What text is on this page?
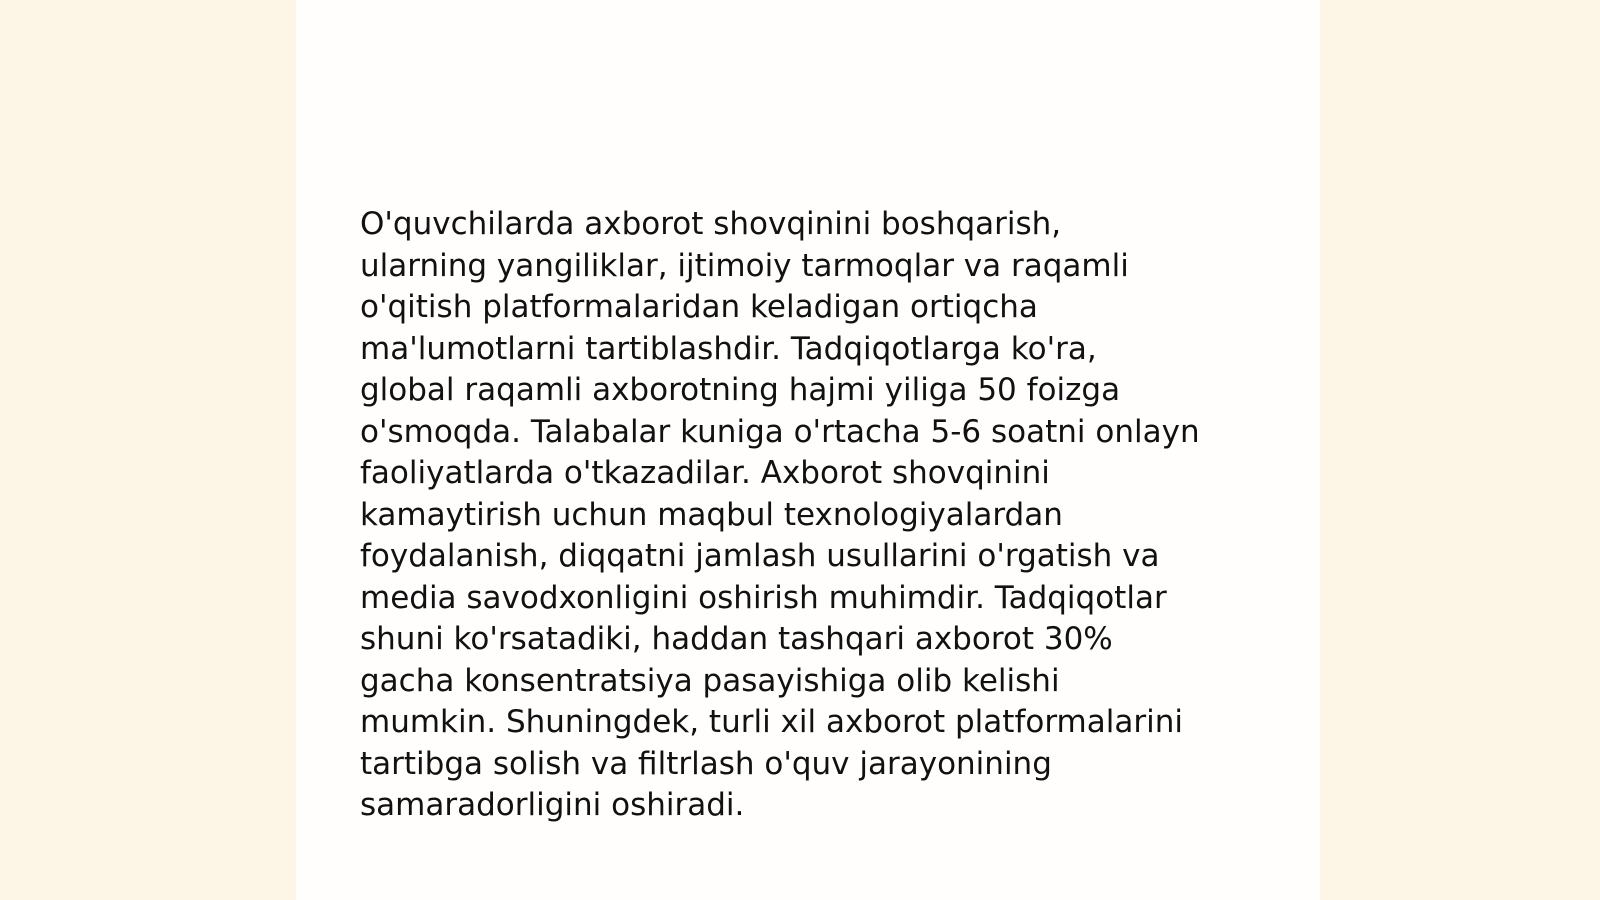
O'quvchilarda axborot shovqinini boshqarish,
ularning yangiliklar, ijtimoiy tarmoqlar va raqamli
o'qitish platformalaridan keladigan ortiqcha
ma'lumotlarni tartiblashdir. Tadqiqotlarga ko'ra,
global raqamli axborotning hajmi yiliga 50 foizga
o'smoqda. Talabalar kuniga o'rtacha 5-6 soatni onlayn
faoliyatlarda o'tkazadilar. Axborot shovqinini
kamaytirish uchun maqbul texnologiyalardan
foydalanish, diqqatni jamlash usullarini o'rgatish va
media savodxonligini oshirish muhimdir. Tadqiqotlar
shuni ko'rsatadiki, haddan tashqari axborot 30%
gacha konsentratsiya pasayishiga olib kelishi
mumkin. Shuningdek, turli xil axborot platformalarini
tartibga solish va filtrlash o'quv jarayonining
samaradorligini oshiradi.
